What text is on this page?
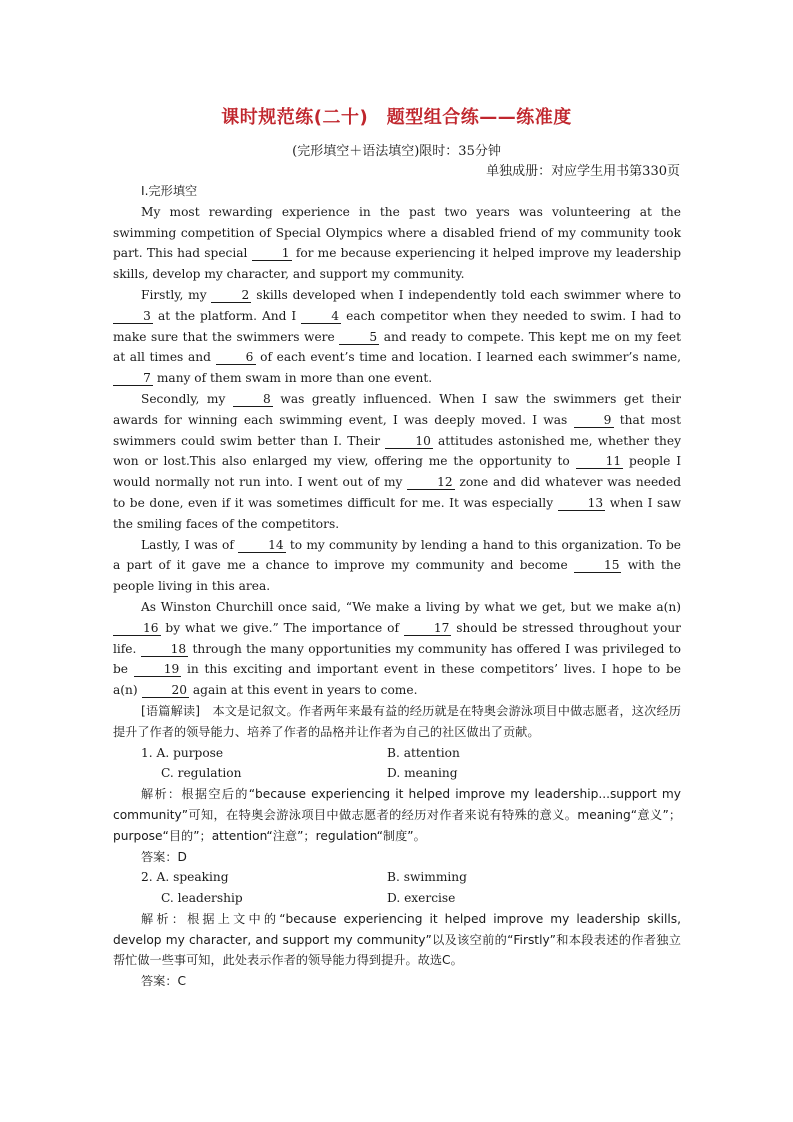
课时规范练(二十)　题型组合练——练准度
(完形填空＋语法填空)限时：35分钟
单独成册：对应学生用书第330页
Ⅰ.完形填空

My most rewarding experience in the past two years was volunteering at the swimming competition of Special Olympics where a disabled friend of my community took part. This had special 1 for me because experiencing it helped improve my leadership skills, develop my character, and support my community.

Firstly, my 2 skills developed when I independently told each swimmer where to 3 at the platform. And I 4 each competitor when they needed to swim. I had to make sure that the swimmers were 5 and ready to compete. This kept me on my feet at all times and 6 of each event’s time and location. I learned each swimmer’s name, 7 many of them swam in more than one event.

Secondly, my 8 was greatly influenced. When I saw the swimmers get their awards for winning each swimming event, I was deeply moved. I was 9 that most swimmers could swim better than I. Their 10 attitudes astonished me, whether they won or lost.This also enlarged my view, offering me the opportunity to 11 people I would normally not run into. I went out of my 12 zone and did whatever was needed to be done, even if it was sometimes difficult for me. It was especially 13 when I saw the smiling faces of the competitors.

Lastly, I was of 14 to my community by lending a hand to this organization. To be a part of it gave me a chance to improve my community and become 15 with the people living in this area.

As Winston Churchill once said, “We make a living by what we get, but we make a(n) 16 by what we give.” The importance of 17 should be stressed throughout your life. 18 through the many opportunities my community has offered I was privileged to be 19 in this exciting and important event in these competitors’ lives. I hope to be a(n) 20 again at this event in years to come.

[语篇解读]　本文是记叙文。作者两年来最有益的经历就是在特奥会游泳项目中做志愿者，这次经历提升了作者的领导能力、培养了作者的品格并让作者为自己的社区做出了贡献。

1. A. purpose	B. attention
C. regulation	D. meaning

解析：根据空后的“because experiencing it helped improve my leadership...support my community”可知，在特奥会游泳项目中做志愿者的经历对作者来说有特殊的意义。meaning“意义”；purpose“目的”；attention“注意”；regulation“制度”。

答案：D
2. A. speaking	B. swimming
C. leadership	D. exercise

解析：根据上文中的“because experiencing it helped improve my leadership skills, develop my character, and support my community”以及该空前的“Firstly”和本段表述的作者独立帮忙做一些事可知，此处表示作者的领导能力得到提升。故选C。

答案：C
